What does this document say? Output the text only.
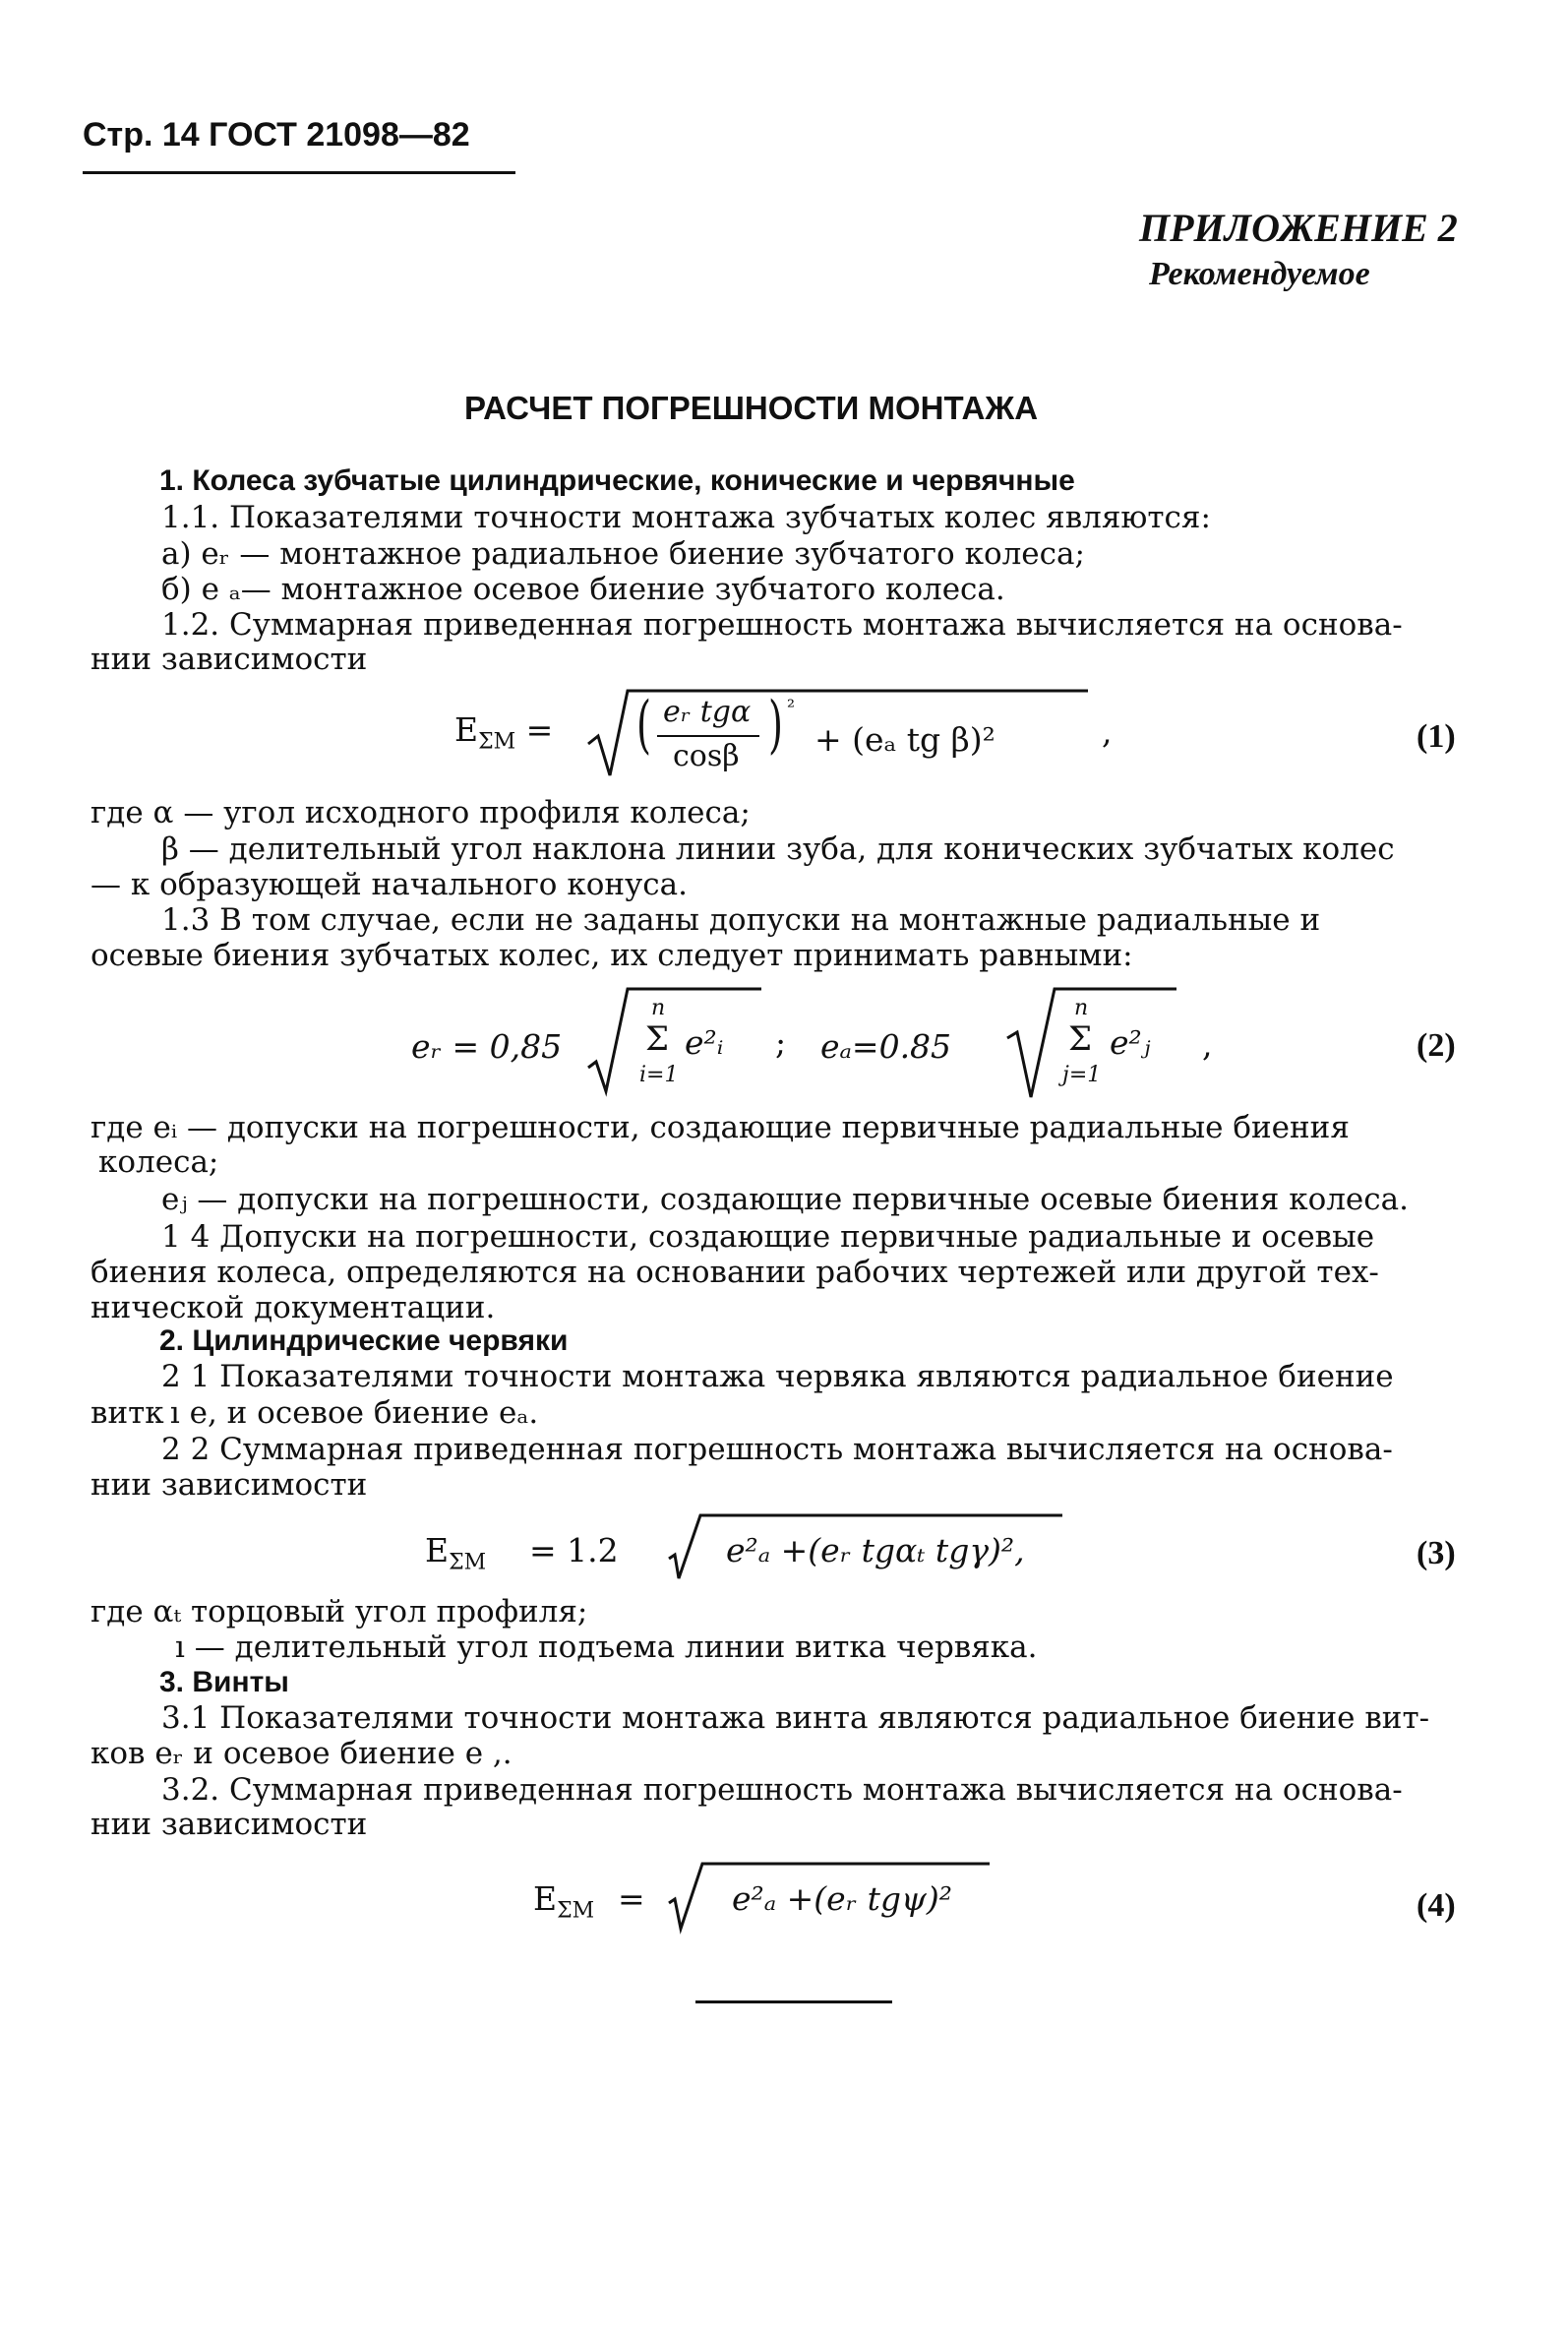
Стр. 14 ГОСТ 21098—82
ПРИЛОЖЕНИЕ 2
Рекомендуемое
РАСЧЕТ ПОГРЕШНОСТИ МОНТАЖА
1. Колеса зубчатые цилиндрические, конические и червячные
1.1. Показателями точности монтажа зубчатых колес являются:
а) eᵣ — монтажное радиальное биение зубчатого колеса;
б) e ₐ— монтажное осевое биение зубчатого колеса.
1.2. Суммарная приведенная погрешность монтажа вычисляется на основа-
нии зависимости
$E_{\Sigma M}$ = ( eᵣ tgα
cosβ ) ²
+ (eₐ tg β)²	,	(1)
где α — угол исходного профиля колеса;
β — делительный угол наклона линии зуба, для конических зубчатых колес
— к образующей начального конуса.
1.3 В том случае, если не заданы допуски на монтажные радиальные и
осевые биения зубчатых колес, их следует принимать равными:
eᵣ = 0,85
n
Σ
i=1
e²ᵢ ; eₐ=0.85
n
Σ
j=1
e²ⱼ ,	(2)
где eᵢ — допуски на погрешности, создающие первичные радиальные биения
колеса;
eⱼ — допуски на погрешности, создающие первичные осевые биения колеса.
1 4 Допуски на погрешности, создающие первичные радиальные и осевые
биения колеса, определяются на основании рабочих чертежей или другой тех-
нической документации.
2. Цилиндрические червяки
2 1 Показателями точности монтажа червяка являются радиальное биение
витк ı e, и осевое биение eₐ.
2 2 Суммарная приведенная погрешность монтажа вычисляется на основа-
нии зависимости
$E_{\Sigma M} = 1.2$	e²ₐ +(eᵣ tgαₜ tgγ)²,	(3)
где αₜ торцовый угол профиля;
ı — делительный угол подъема линии витка червяка.
3. Винты
3.1 Показателями точности монтажа винта являются радиальное биение вит-
ков eᵣ и осевое биение e ,.
3.2. Суммарная приведенная погрешность монтажа вычисляется на основа-
нии зависимости
$E_{\Sigma M}$ =	e²ₐ +(eᵣ tgψ)²	(4)
